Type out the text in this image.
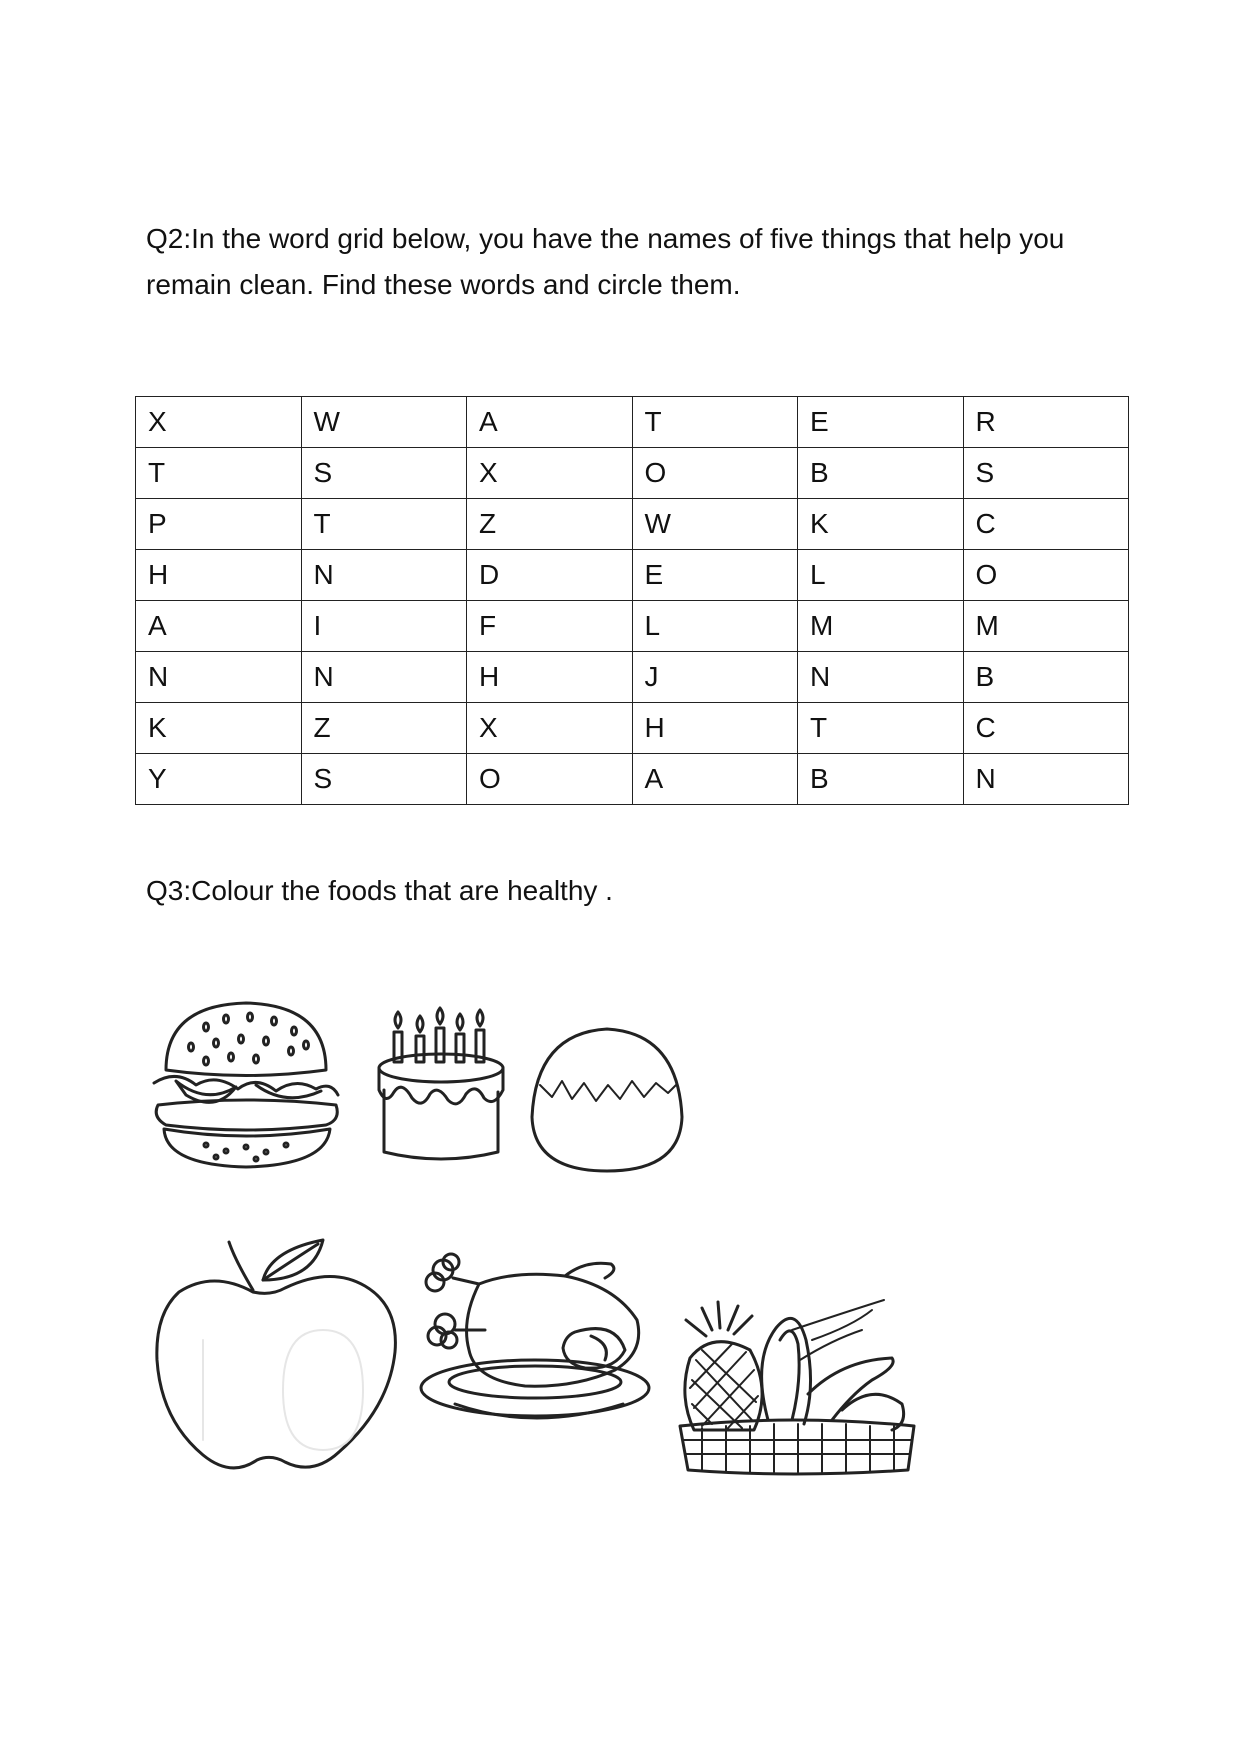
Q2:In the word grid below, you have the names of five things that help you remain clean. Find these words and circle them.

X	W	A	T	E	R
T	S	X	O	B	S
P	T	Z	W	K	C
H	N	D	E	L	O
A	I	F	L	M	M
N	N	H	J	N	B
K	Z	X	H	T	C
Y	S	O	A	B	N

Q3:Colour the foods that are healthy .
